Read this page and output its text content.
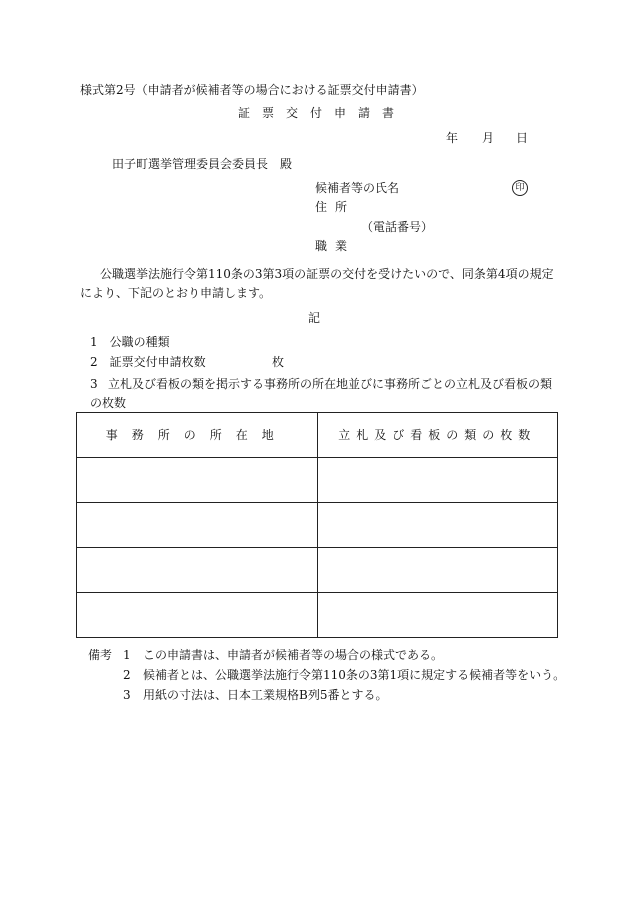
様式第2号（申請者が候補者等の場合における証票交付申請書）
証票交付申請書
年 月 日
田子町選挙管理委員会委員長　殿
候補者等の氏名	印
住所
（電話番号）
職業
公職選挙法施行令第110条の3第3項の証票の交付を受けたいので、同条第4項の規定により、下記のとおり申請します。
記
1　 公職の種類
2　 証票交付申請枚数	枚
3 立札及び看板の類を掲示する事務所の所在地並びに事務所ごとの立札及び看板の類の枚数
事務所の所在地	立札及び看板の類の枚数

備考 1 この申請書は、申請者が候補者等の場合の様式である。
2 候補者とは、公職選挙法施行令第110条の3第1項に規定する候補者等をいう。
3 用紙の寸法は、日本工業規格B列5番とする。
